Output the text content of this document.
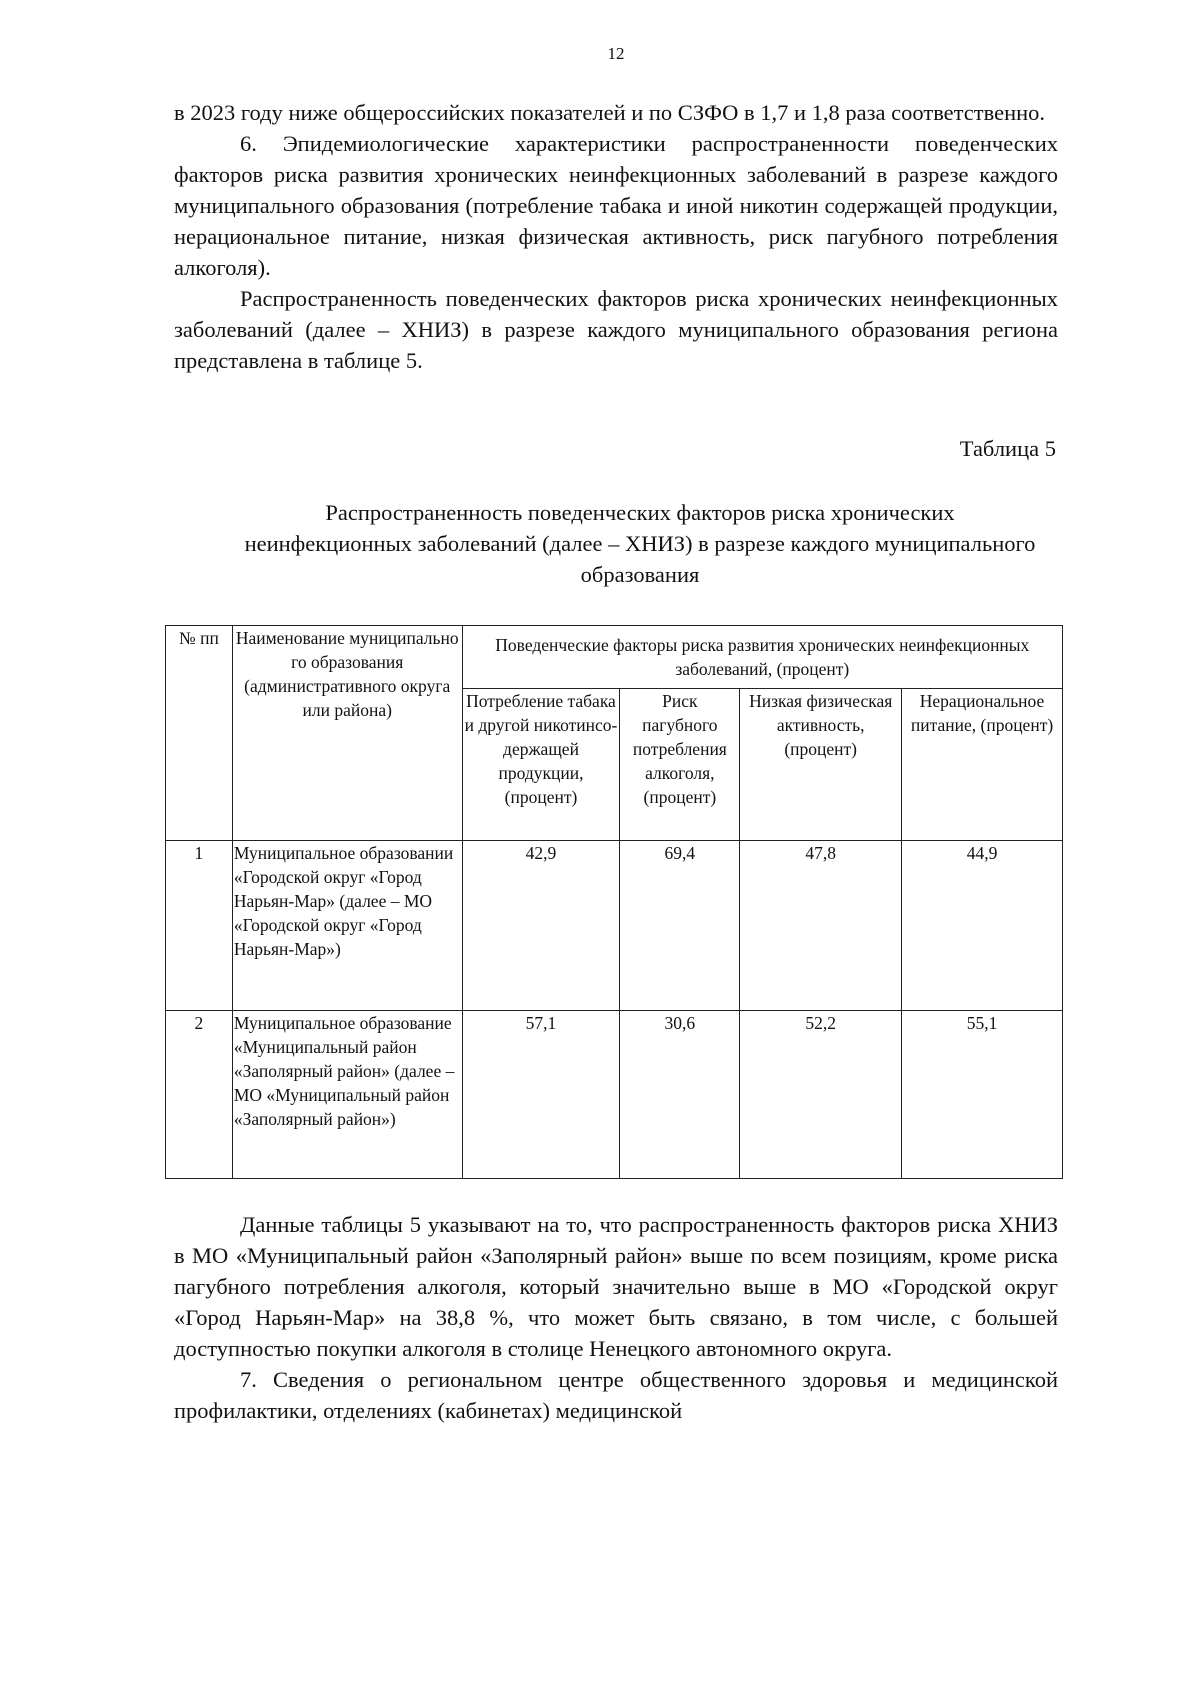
12

в 2023 году ниже общероссийских показателей и по СЗФО в 1,7 и 1,8 раза соответственно.

6. Эпидемиологические характеристики распространенности поведенческих факторов риска развития хронических неинфекционных заболеваний в разрезе каждого муниципального образования (потребление табака и иной никотин содержащей продукции, нерациональное питание, низкая физическая активность, риск пагубного потребления алкоголя).

Распространенность поведенческих факторов риска хронических неинфекционных заболеваний (далее – ХНИЗ) в разрезе каждого муниципального образования региона представлена в таблице 5.

Таблица 5
Распространенность поведенческих факторов риска хронических неинфекционных заболеваний (далее – ХНИЗ) в разрезе каждого муниципального образования
№ пп	Наименование муниципально го образования (административного округа или района)	Поведенческие факторы риска развития хронических неинфекционных заболеваний, (процент)			
		Потребление табака и другой никотинсо-держащей продукции, (процент)	Риск пагубного потребления алкоголя, (процент)	Низкая физическая активность, (процент)	Нерациональное питание, (процент)
1	Муниципальное образовании «Городской округ «Город Нарьян-Мар» (далее – МО «Городской округ «Город Нарьян-Мар»)	42,9	69,4	47,8	44,9
2	Муниципальное образование «Муниципальный район «Заполярный район» (далее – МО «Муниципальный район «Заполярный район»)	57,1	30,6	52,2	55,1

Данные таблицы 5 указывают на то, что распространенность факторов риска ХНИЗ в МО «Муниципальный район «Заполярный район» выше по всем позициям, кроме риска пагубного потребления алкоголя, который значительно выше в МО «Городской округ «Город Нарьян-Мар» на 38,8 %, что может быть связано, в том числе, с большей доступностью покупки алкоголя в столице Ненецкого автономного округа.

7. Сведения о региональном центре общественного здоровья и медицинской профилактики, отделениях (кабинетах) медицинской
